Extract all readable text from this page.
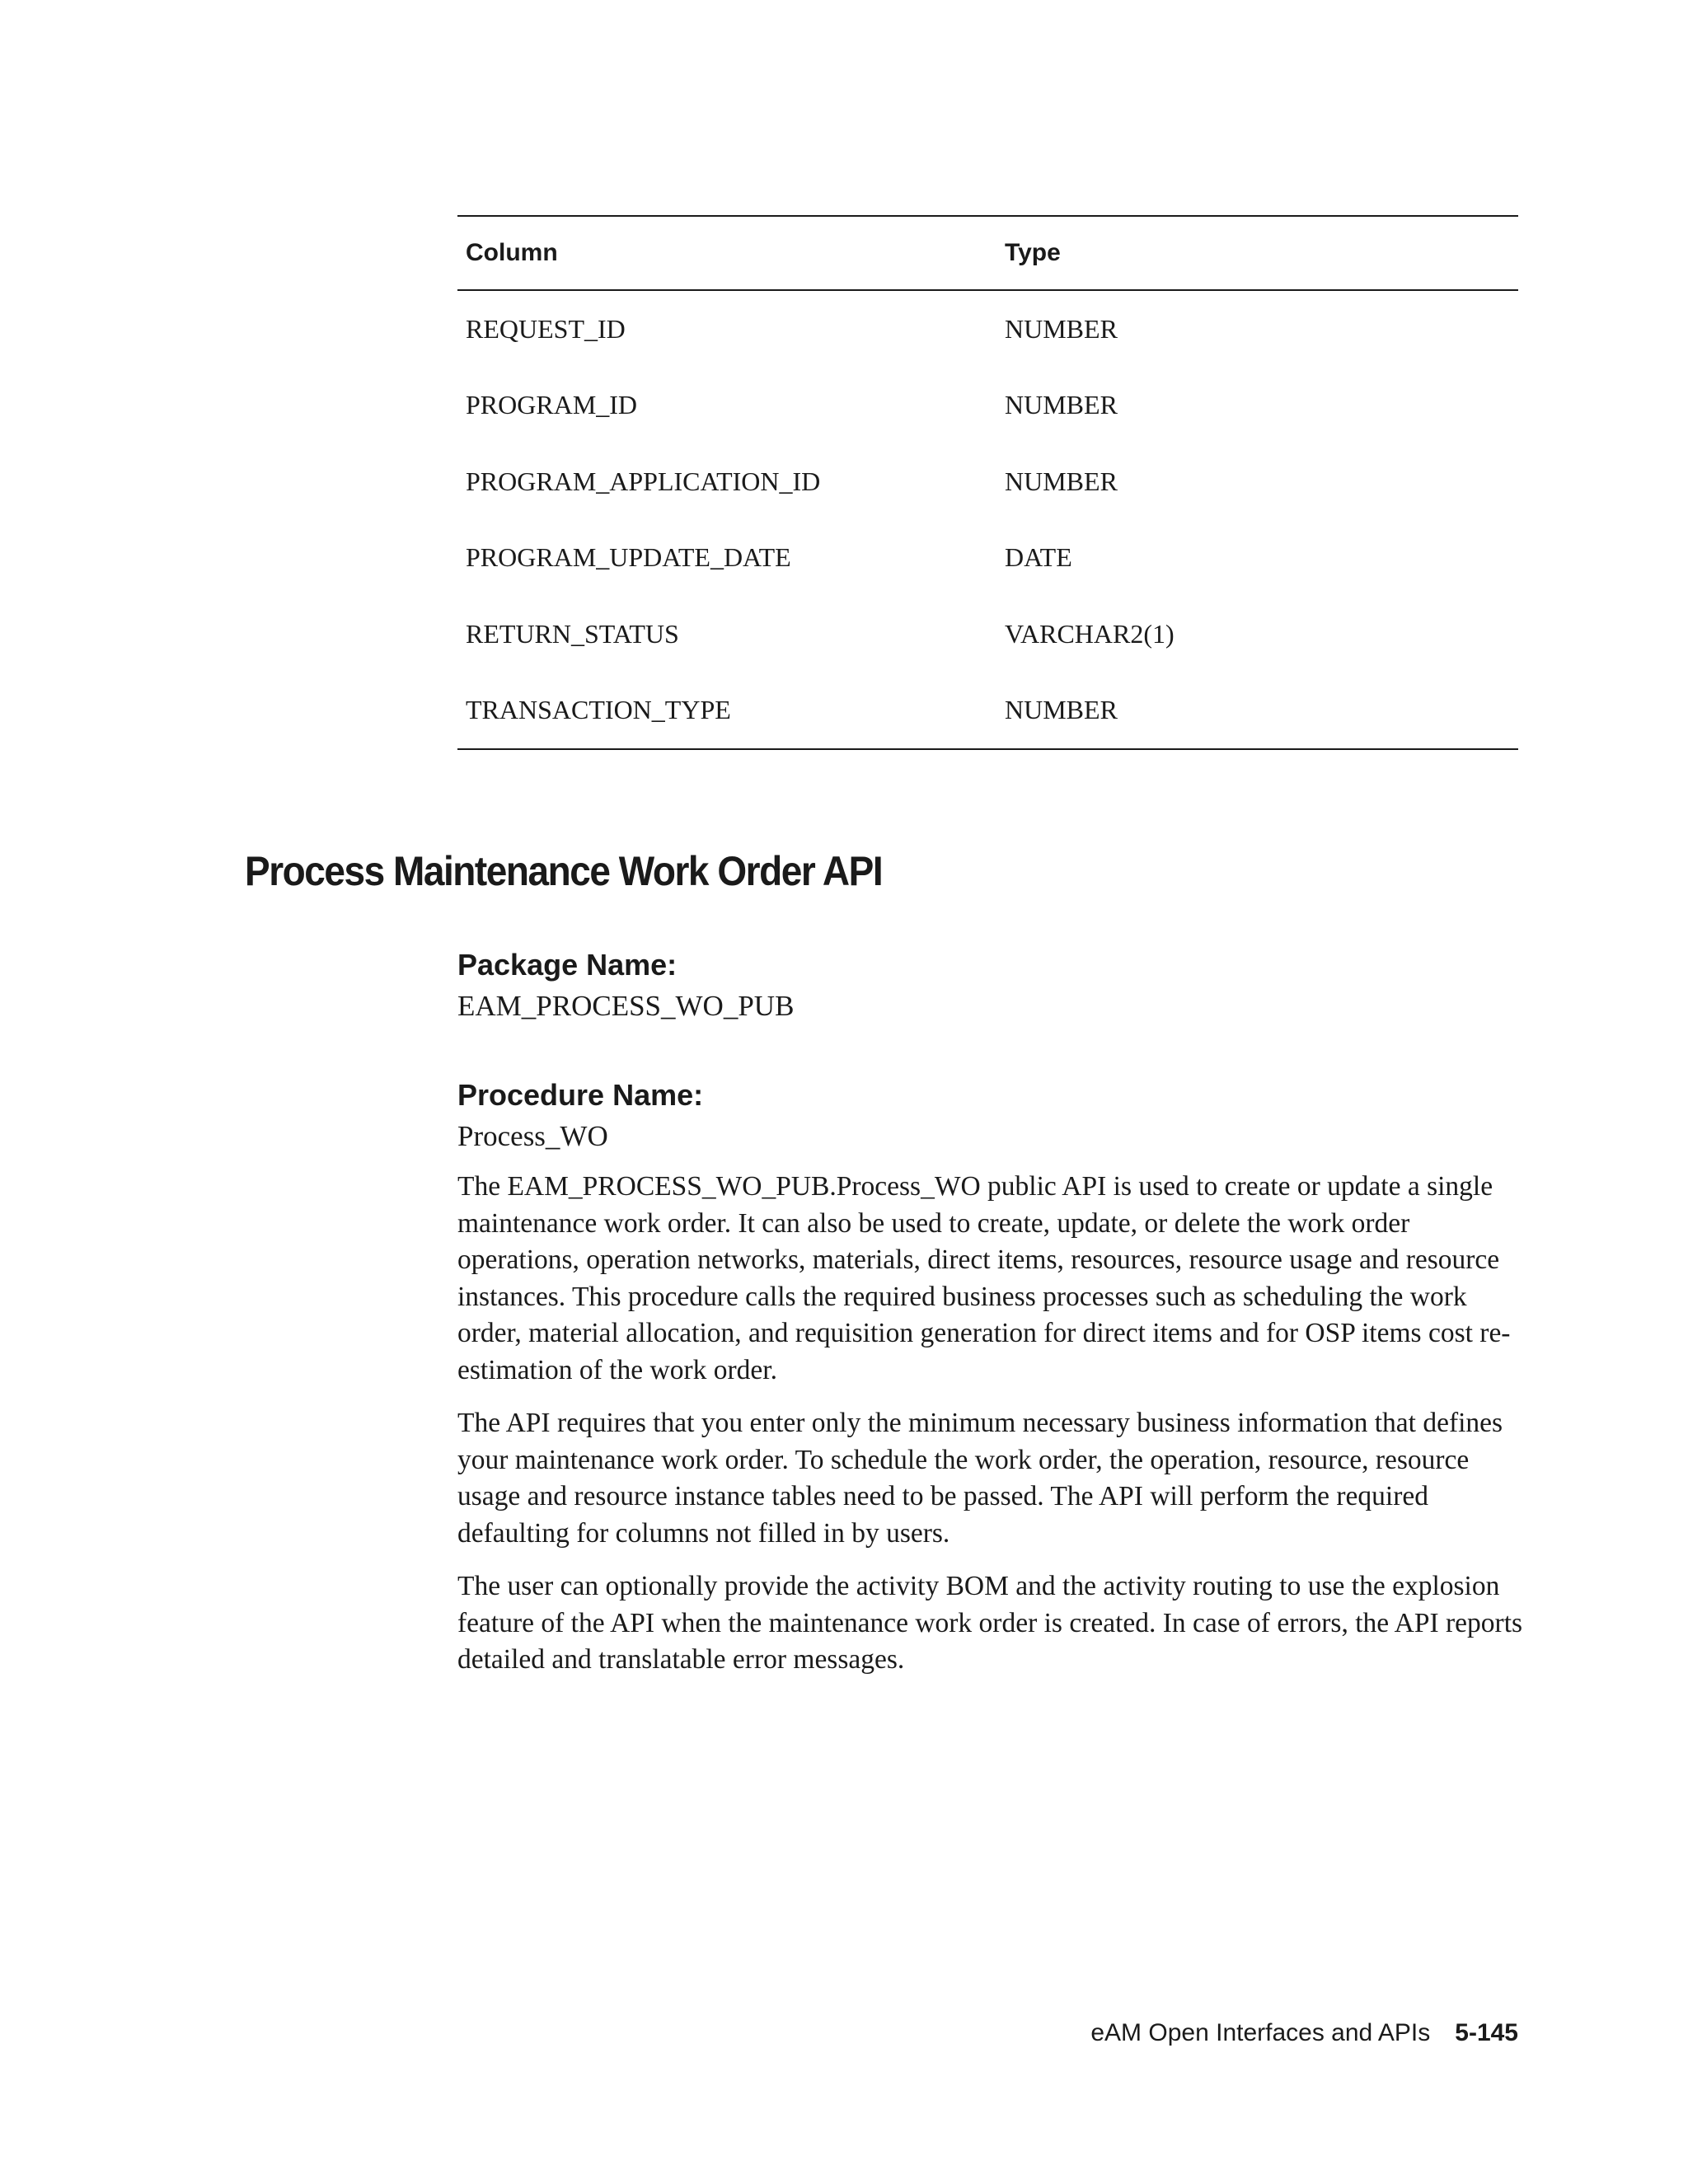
Column	Type
REQUEST_ID	NUMBER
PROGRAM_ID	NUMBER
PROGRAM_APPLICATION_ID	NUMBER
PROGRAM_UPDATE_DATE	DATE
RETURN_STATUS	VARCHAR2(1)
TRANSACTION_TYPE	NUMBER
Process Maintenance Work Order API
Package Name:

EAM_PROCESS_WO_PUB

Procedure Name:

Process_WO

The EAM_PROCESS_WO_PUB.Process_WO public API is used to create or update a single maintenance work order. It can also be used to create, update, or delete the work order operations, operation networks, materials, direct items, resources, resource usage and resource instances. This procedure calls the required business processes such as scheduling the work order, material allocation, and requisition generation for direct items and for OSP items cost re-estimation of the work order.

The API requires that you enter only the minimum necessary business information that defines your maintenance work order. To schedule the work order, the operation, resource, resource usage and resource instance tables need to be passed. The API will perform the required defaulting for columns not filled in by users.

The user can optionally provide the activity BOM and the activity routing to use the explosion feature of the API when the maintenance work order is created. In case of errors, the API reports detailed and translatable error messages.

eAM Open Interfaces and APIs 5-145
